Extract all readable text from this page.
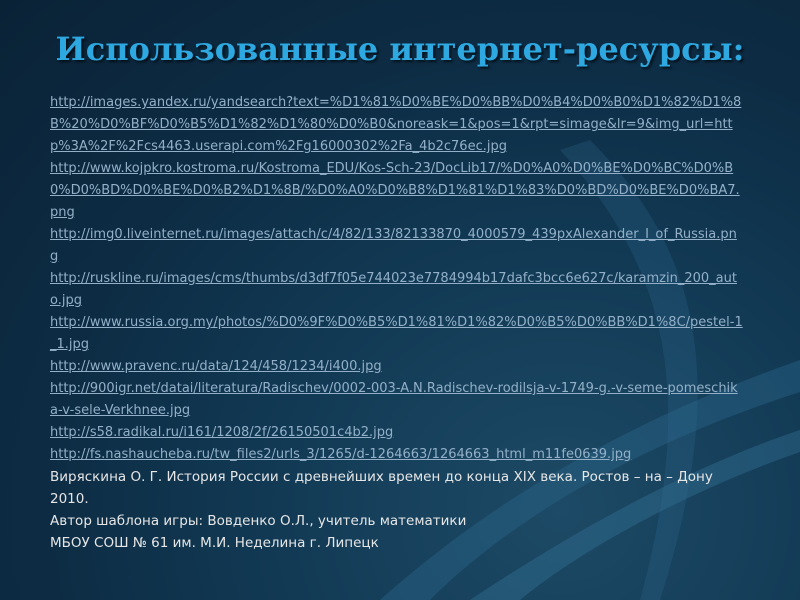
Использованные интернет-ресурсы:
http://images.yandex.ru/yandsearch?text=%D1%81%D0%BE%D0%BB%D0%B4%D0%B0%D1%82%D1%8B%20%D0%BF%D0%B5%D1%82%D1%80%D0%B0&noreask=1&pos=1&rpt=simage&lr=9&img_url=http%3A%2F%2Fcs4463.userapi.com%2Fg16000302%2Fa_4b2c76ec.jpg
http://www.kojpkro.kostroma.ru/Kostroma_EDU/Kos-Sch-23/DocLib17/%D0%A0%D0%BE%D0%BC%D0%B0%D0%BD%D0%BE%D0%B2%D1%8B/%D0%A0%D0%B8%D1%81%D1%83%D0%BD%D0%BE%D0%BA7.png
http://img0.liveinternet.ru/images/attach/c/4/82/133/82133870_4000579_439pxAlexander_I_of_Russia.png
http://ruskline.ru/images/cms/thumbs/d3df7f05e744023e7784994b17dafc3bcc6e627c/karamzin_200_auto.jpg
http://www.russia.org.my/photos/%D0%9F%D0%B5%D1%81%D1%82%D0%B5%D0%BB%D1%8C/pestel-1_1.jpg
http://www.pravenc.ru/data/124/458/1234/i400.jpg
http://900igr.net/datai/literatura/Radischev/0002-003-A.N.Radischev-rodilsja-v-1749-g.-v-seme-pomeschika-v-sele-Verkhnee.jpg
http://s58.radikal.ru/i161/1208/2f/26150501c4b2.jpg
http://fs.nashaucheba.ru/tw_files2/urls_3/1265/d-1264663/1264663_html_m11fe0639.jpg

Виряскина О. Г. История России с древнейших времен до конца XIX века. Ростов – на – Дону 2010.

Автор шаблона игры: Вовденко О.Л., учитель математики

МБОУ СОШ № 61 им. М.И. Неделина г. Липецк
